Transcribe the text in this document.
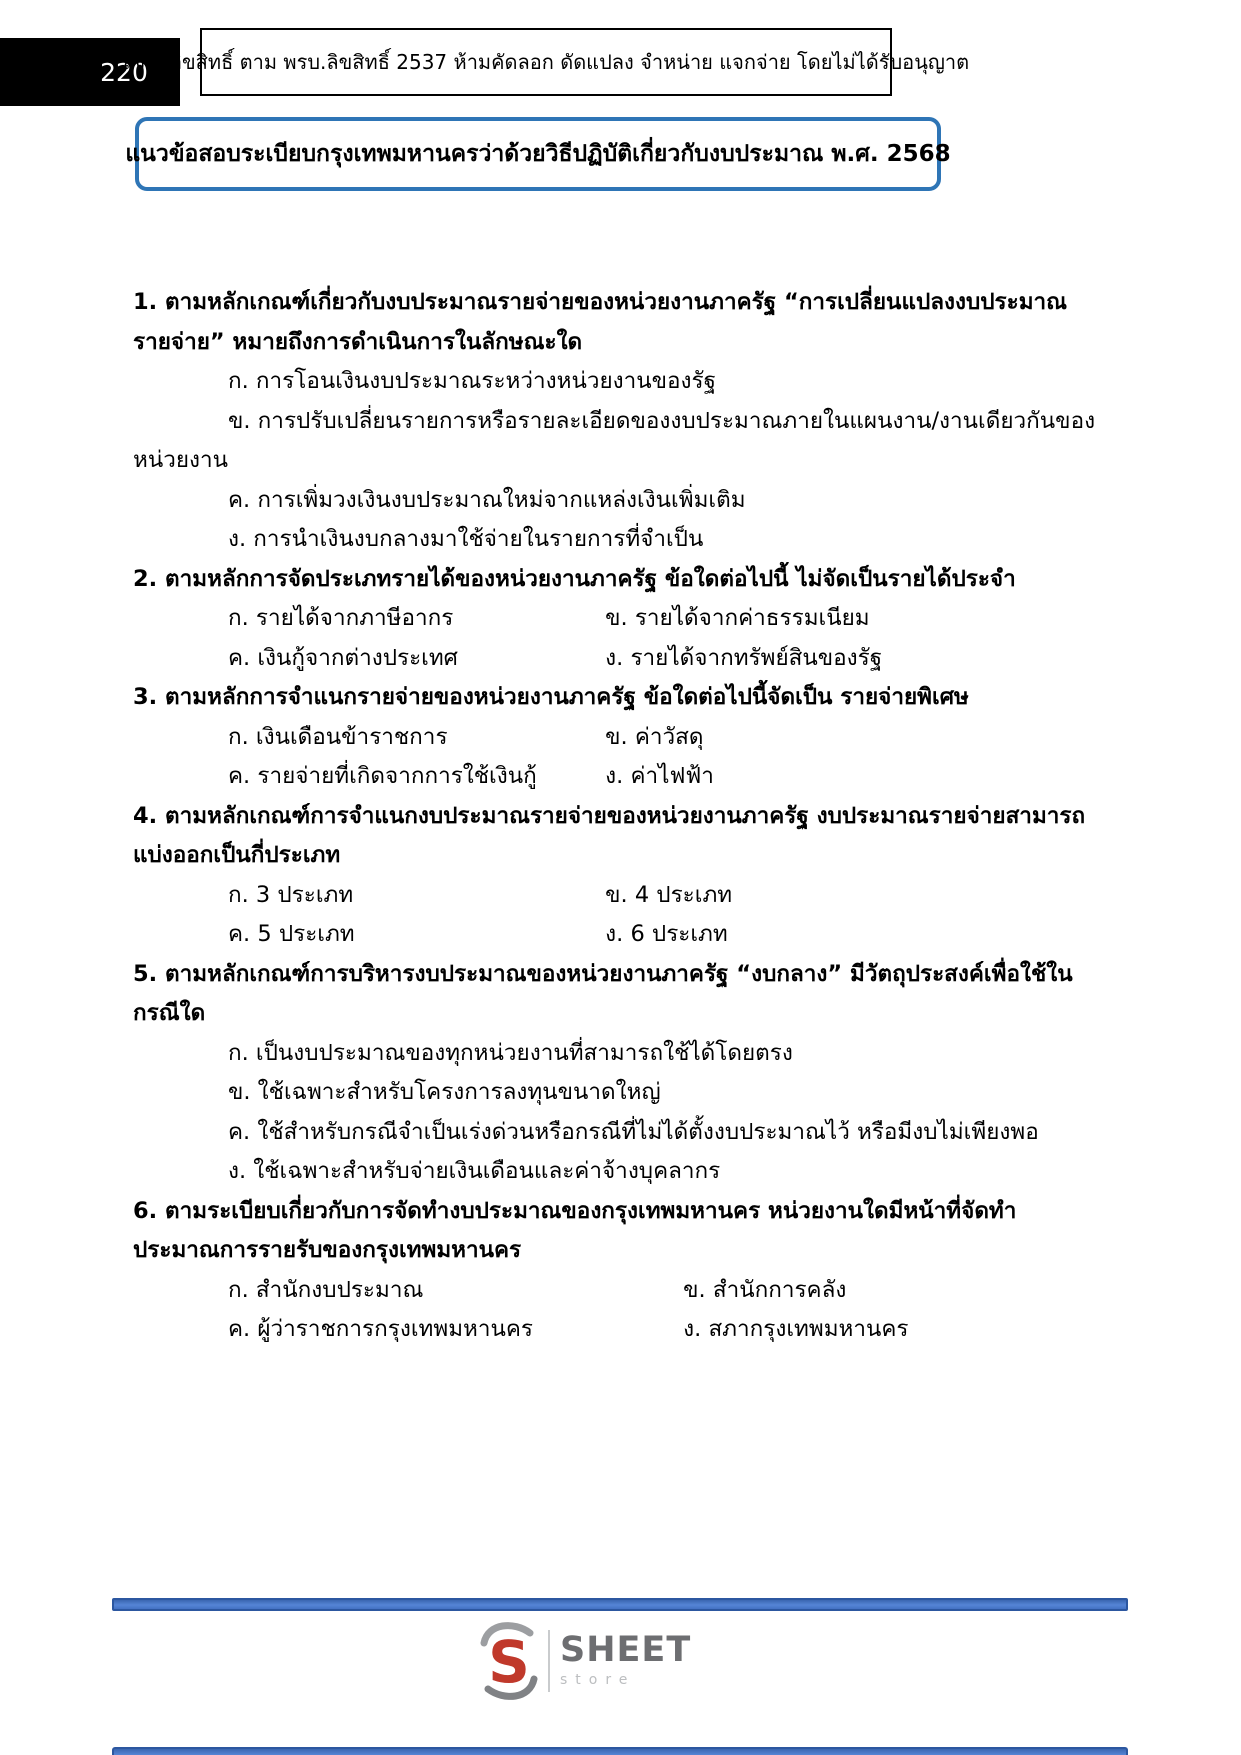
220
สงวนลิขสิทธิ์ ตาม พรบ.ลิขสิทธิ์ 2537 ห้ามคัดลอก ดัดแปลง จำหน่าย แจกจ่าย โดยไม่ได้รับอนุญาต
แนวข้อสอบระเบียบกรุงเทพมหานครว่าด้วยวิธีปฏิบัติเกี่ยวกับงบประมาณ พ.ศ. 2568
1. ตามหลักเกณฑ์เกี่ยวกับงบประมาณรายจ่ายของหน่วยงานภาครัฐ “การเปลี่ยนแปลงงบประมาณ
รายจ่าย” หมายถึงการดำเนินการในลักษณะใด
ก. การโอนเงินงบประมาณระหว่างหน่วยงานของรัฐ
ข. การปรับเปลี่ยนรายการหรือรายละเอียดของงบประมาณภายในแผนงาน/งานเดียวกันของ
หน่วยงาน
ค. การเพิ่มวงเงินงบประมาณใหม่จากแหล่งเงินเพิ่มเติม
ง. การนำเงินงบกลางมาใช้จ่ายในรายการที่จำเป็น
2. ตามหลักการจัดประเภทรายได้ของหน่วยงานภาครัฐ ข้อใดต่อไปนี้ ไม่จัดเป็นรายได้ประจำ
ก. รายได้จากภาษีอากร	ข. รายได้จากค่าธรรมเนียม
ค. เงินกู้จากต่างประเทศ	ง. รายได้จากทรัพย์สินของรัฐ
3. ตามหลักการจำแนกรายจ่ายของหน่วยงานภาครัฐ ข้อใดต่อไปนี้จัดเป็น รายจ่ายพิเศษ
ก. เงินเดือนข้าราชการ	ข. ค่าวัสดุ
ค. รายจ่ายที่เกิดจากการใช้เงินกู้	ง. ค่าไฟฟ้า
4. ตามหลักเกณฑ์การจำแนกงบประมาณรายจ่ายของหน่วยงานภาครัฐ งบประมาณรายจ่ายสามารถ
แบ่งออกเป็นกี่ประเภท
ก. 3 ประเภท	ข. 4 ประเภท
ค. 5 ประเภท	ง. 6 ประเภท
5. ตามหลักเกณฑ์การบริหารงบประมาณของหน่วยงานภาครัฐ “งบกลาง” มีวัตถุประสงค์เพื่อใช้ใน
กรณีใด
ก. เป็นงบประมาณของทุกหน่วยงานที่สามารถใช้ได้โดยตรง
ข. ใช้เฉพาะสำหรับโครงการลงทุนขนาดใหญ่
ค. ใช้สำหรับกรณีจำเป็นเร่งด่วนหรือกรณีที่ไม่ได้ตั้งงบประมาณไว้ หรือมีงบไม่เพียงพอ
ง. ใช้เฉพาะสำหรับจ่ายเงินเดือนและค่าจ้างบุคลากร
6. ตามระเบียบเกี่ยวกับการจัดทำงบประมาณของกรุงเทพมหานคร หน่วยงานใดมีหน้าที่จัดทำ
ประมาณการรายรับของกรุงเทพมหานคร
ก. สำนักงบประมาณ	ข. สำนักการคลัง
ค. ผู้ว่าราชการกรุงเทพมหานคร	ง. สภากรุงเทพมหานคร
S SHEET
store
